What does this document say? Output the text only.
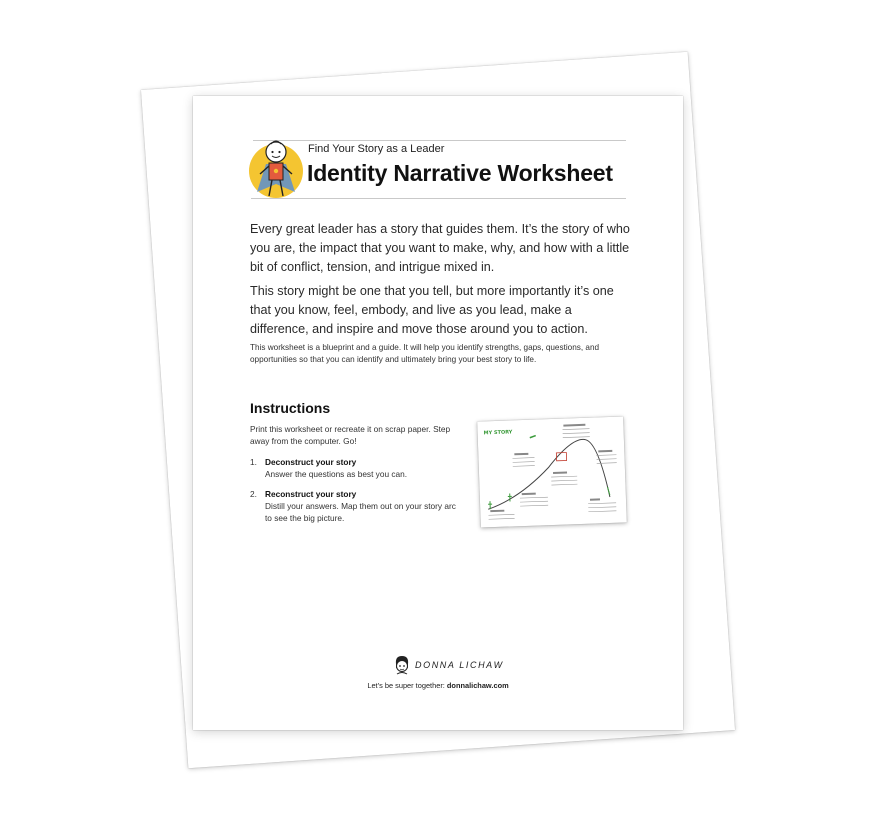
Find Your Story as a Leader
Identity Narrative Worksheet

Every great leader has a story that guides them. It’s the story of who you are, the impact that you want to make, why, and how with a little bit of conflict, tension, and intrigue mixed in.

This story might be one that you tell, but more importantly it’s one that you know, feel, embody, and live as you lead, make a difference, and inspire and move those around you to action.

This worksheet is a blueprint and a guide. It will help you identify strengths, gaps, questions, and opportunities so that you can identify and ultimately bring your best story to life.

Instructions

Print this worksheet or recreate it on scrap paper. Step away from the computer. Go!

1. Deconstruct your story
Answer the questions as best you can.
2. Reconstruct your story
Distill your answers. Map them out on your story arc to see the big picture.
MY STORY
DONNA LICHAW
Let’s be super together: donnalichaw.com
